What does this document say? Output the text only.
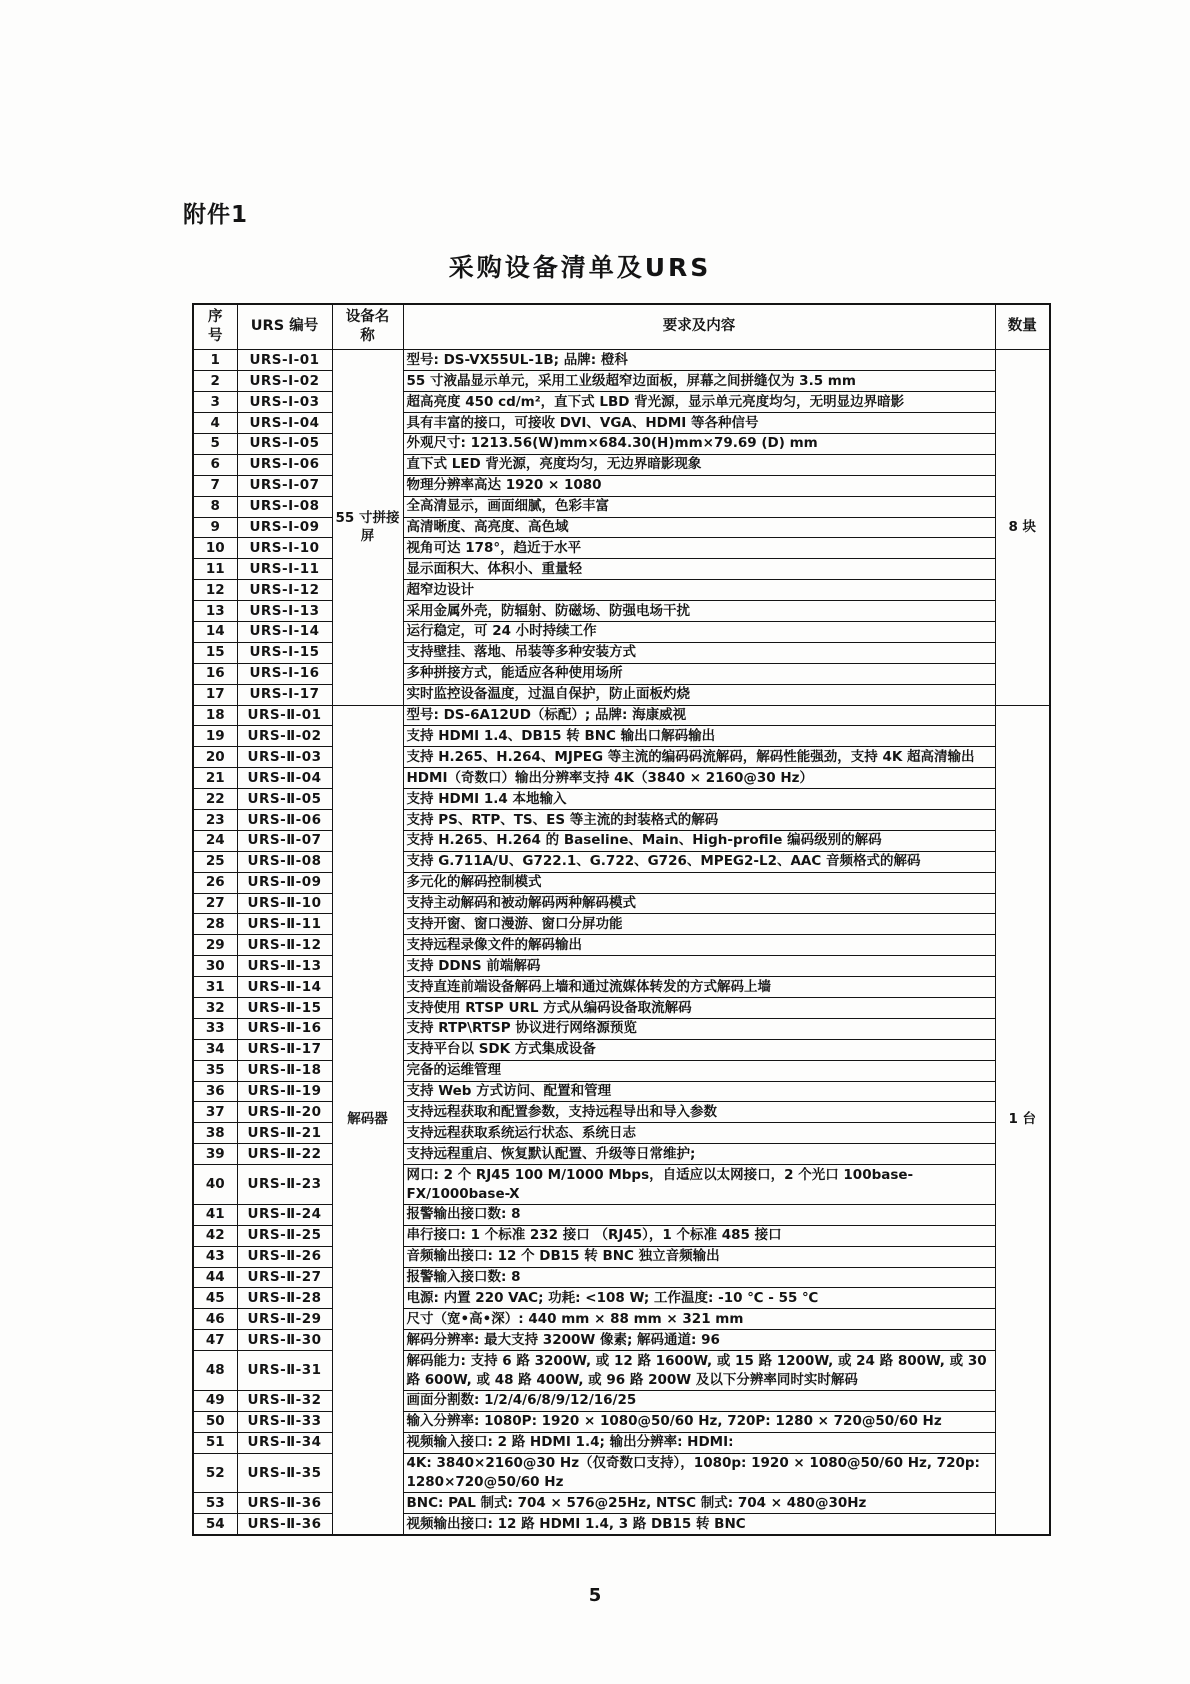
附件1
采购设备清单及URS
序号	URS 编号	设备名称	要求及内容	数量
1	URS-Ⅰ-01	55 寸拼接屏	型号: DS-VX55UL-1B; 品牌: 橙科	8 块
2	URS-Ⅰ-02		55 寸液晶显示单元，采用工业级超窄边面板，屏幕之间拼缝仅为 3.5 mm	
3	URS-Ⅰ-03		超高亮度 450 cd/m²，直下式 LBD 背光源，显示单元亮度均匀，无明显边界暗影	
4	URS-Ⅰ-04		具有丰富的接口，可接收 DVI、VGA、HDMI 等各种信号	
5	URS-Ⅰ-05		外观尺寸: 1213.56(W)mm×684.30(H)mm×79.69 (D) mm	
6	URS-Ⅰ-06		直下式 LED 背光源，亮度均匀，无边界暗影现象	
7	URS-Ⅰ-07		物理分辨率高达 1920 × 1080	
8	URS-Ⅰ-08		全高清显示，画面细腻，色彩丰富	
9	URS-Ⅰ-09		高清晰度、高亮度、高色域	
10	URS-Ⅰ-10		视角可达 178°，趋近于水平	
11	URS-Ⅰ-11		显示面积大、体积小、重量轻	
12	URS-Ⅰ-12		超窄边设计	
13	URS-Ⅰ-13		采用金属外壳，防辐射、防磁场、防强电场干扰	
14	URS-Ⅰ-14		运行稳定，可 24 小时持续工作	
15	URS-Ⅰ-15		支持壁挂、落地、吊装等多种安装方式	
16	URS-Ⅰ-16		多种拼接方式，能适应各种使用场所	
17	URS-Ⅰ-17		实时监控设备温度，过温自保护，防止面板灼烧	
18	URS-Ⅱ-01	解码器	型号: DS-6A12UD（标配）; 品牌: 海康威视	1 台
19	URS-Ⅱ-02		支持 HDMI 1.4、DB15 转 BNC 输出口解码输出	
20	URS-Ⅱ-03		支持 H.265、H.264、MJPEG 等主流的编码码流解码，解码性能强劲，支持 4K 超高清输出	
21	URS-Ⅱ-04		HDMI（奇数口）输出分辨率支持 4K（3840 × 2160@30 Hz）	
22	URS-Ⅱ-05		支持 HDMI 1.4 本地输入	
23	URS-Ⅱ-06		支持 PS、RTP、TS、ES 等主流的封装格式的解码	
24	URS-Ⅱ-07		支持 H.265、H.264 的 Baseline、Main、High-profile 编码级别的解码	
25	URS-Ⅱ-08		支持 G.711A/U、G722.1、G.722、G726、MPEG2-L2、AAC 音频格式的解码	
26	URS-Ⅱ-09		多元化的解码控制模式	
27	URS-Ⅱ-10		支持主动解码和被动解码两种解码模式	
28	URS-Ⅱ-11		支持开窗、窗口漫游、窗口分屏功能	
29	URS-Ⅱ-12		支持远程录像文件的解码输出	
30	URS-Ⅱ-13		支持 DDNS 前端解码	
31	URS-Ⅱ-14		支持直连前端设备解码上墙和通过流媒体转发的方式解码上墙	
32	URS-Ⅱ-15		支持使用 RTSP URL 方式从编码设备取流解码	
33	URS-Ⅱ-16		支持 RTP\RTSP 协议进行网络源预览	
34	URS-Ⅱ-17		支持平台以 SDK 方式集成设备	
35	URS-Ⅱ-18		完备的运维管理	
36	URS-Ⅱ-19		支持 Web 方式访问、配置和管理	
37	URS-Ⅱ-20		支持远程获取和配置参数，支持远程导出和导入参数	
38	URS-Ⅱ-21		支持远程获取系统运行状态、系统日志	
39	URS-Ⅱ-22		支持远程重启、恢复默认配置、升级等日常维护;	
40	URS-Ⅱ-23		网口: 2 个 RJ45 100 M/1000 Mbps，自适应以太网接口，2 个光口 100base-FX/1000base-X	
41	URS-Ⅱ-24		报警输出接口数: 8	
42	URS-Ⅱ-25		串行接口: 1 个标准 232 接口 （RJ45），1 个标准 485 接口	
43	URS-Ⅱ-26		音频输出接口: 12 个 DB15 转 BNC 独立音频输出	
44	URS-Ⅱ-27		报警输入接口数: 8	
45	URS-Ⅱ-28		电源: 内置 220 VAC; 功耗: <108 W; 工作温度: -10 ℃ - 55 ℃	
46	URS-Ⅱ-29		尺寸（宽•高•深）: 440 mm × 88 mm × 321 mm	
47	URS-Ⅱ-30		解码分辨率: 最大支持 3200W 像素; 解码通道: 96	
48	URS-Ⅱ-31		解码能力: 支持 6 路 3200W, 或 12 路 1600W, 或 15 路 1200W, 或 24 路 800W, 或 30 路 600W, 或 48 路 400W, 或 96 路 200W 及以下分辨率同时实时解码	
49	URS-Ⅱ-32		画面分割数: 1/2/4/6/8/9/12/16/25	
50	URS-Ⅱ-33		输入分辨率: 1080P: 1920 × 1080@50/60 Hz, 720P: 1280 × 720@50/60 Hz	
51	URS-Ⅱ-34		视频输入接口: 2 路 HDMI 1.4; 输出分辨率: HDMI:	
52	URS-Ⅱ-35		4K: 3840×2160@30 Hz（仅奇数口支持），1080p: 1920 × 1080@50/60 Hz, 720p: 1280×720@50/60 Hz	
53	URS-Ⅱ-36		BNC: PAL 制式: 704 × 576@25Hz, NTSC 制式: 704 × 480@30Hz	
54	URS-Ⅱ-36		视频输出接口: 12 路 HDMI 1.4, 3 路 DB15 转 BNC	
5
